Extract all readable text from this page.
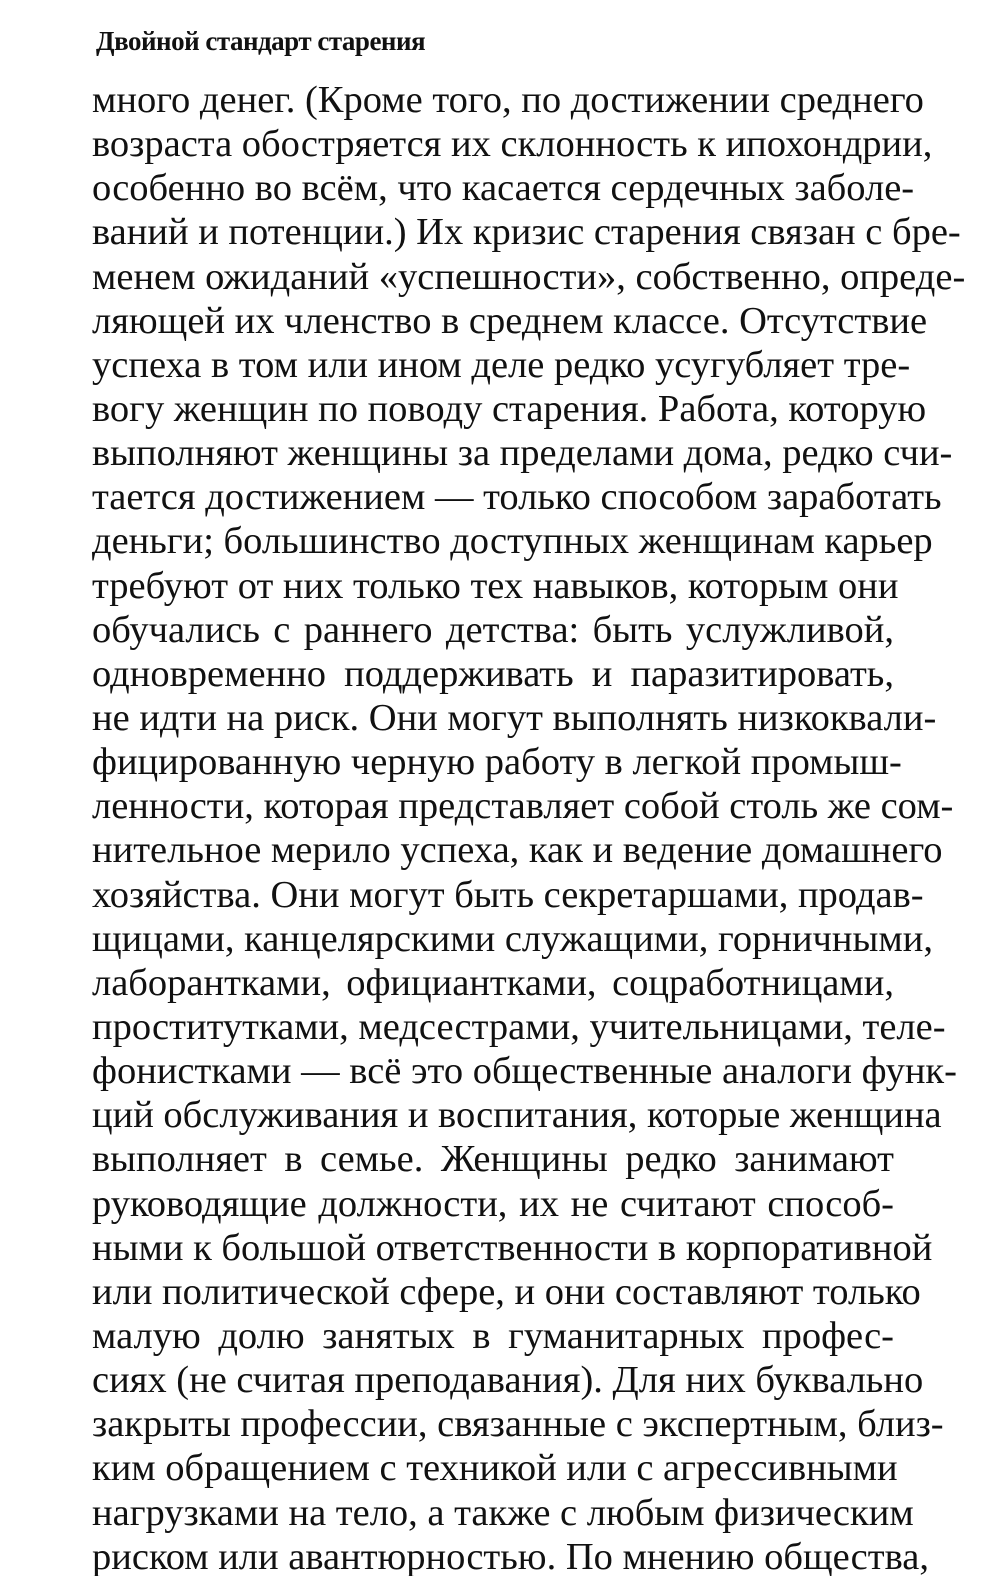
Двойной стандарт старения
много денег. (Кроме того, по достижении среднего
возраста обостряется их склонность к ипохондрии,
особенно во всём, что касается сердечных заболе-
ваний и потенции.) Их кризис старения связан с бре-
менем ожиданий «успешности», собственно, опреде-
ляющей их членство в среднем классе. Отсутствие
успеха в том или ином деле редко усугубляет тре-
вогу женщин по поводу старения. Работа, которую
выполняют женщины за пределами дома, редко счи-
тается достижением — только способом заработать
деньги; большинство доступных женщинам карьер
требуют от них только тех навыков, которым они
обучались с раннего детства: быть услужливой,
одновременно поддерживать и паразитировать,
не идти на риск. Они могут выполнять низкоквали-
фицированную черную работу в легкой промыш-
ленности, которая представляет собой столь же сом-
нительное мерило успеха, как и ведение домашнего
хозяйства. Они могут быть секретаршами, продав-
щицами, канцелярскими служащими, горничными,
лаборантками, официантками, соцработницами,
проститутками, медсестрами, учительницами, теле-
фонистками — всё это общественные аналоги функ-
ций обслуживания и воспитания, которые женщина
выполняет в семье. Женщины редко занимают
руководящие должности, их не считают способ-
ными к большой ответственности в корпоративной
или политической сфере, и они составляют только
малую долю занятых в гуманитарных профес-
сиях (не считая преподавания). Для них буквально
закрыты профессии, связанные с экспертным, близ-
ким обращением с техникой или с агрессивными
нагрузками на тело, а также с любым физическим
риском или авантюрностью. По мнению общества,
